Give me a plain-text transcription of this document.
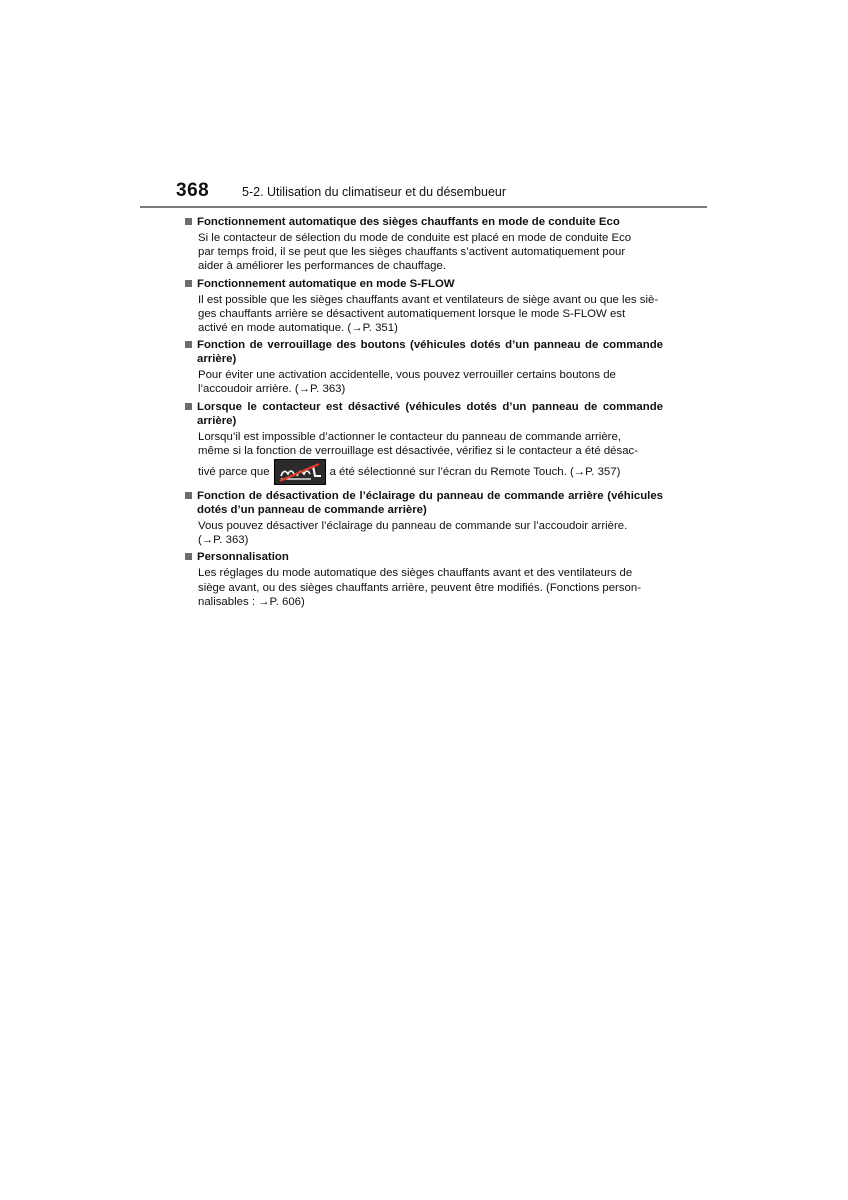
368	5-2. Utilisation du climatiseur et du désembueur
Fonctionnement automatique des sièges chauffants en mode de conduite Eco
Si le contacteur de sélection du mode de conduite est placé en mode de conduite Eco
par temps froid, il se peut que les sièges chauffants s’activent automatiquement pour
aider à améliorer les performances de chauffage.
Fonctionnement automatique en mode S-FLOW
Il est possible que les sièges chauffants avant et ventilateurs de siège avant ou que les siè-
ges chauffants arrière se désactivent automatiquement lorsque le mode S-FLOW est
activé en mode automatique. (→P. 351)
Fonction de verrouillage des boutons (véhicules dotés d’un panneau de commande arrière)
Pour éviter une activation accidentelle, vous pouvez verrouiller certains boutons de
l’accoudoir arrière. (→P. 363)
Lorsque le contacteur est désactivé (véhicules dotés d’un panneau de commande arrière)
Lorsqu’il est impossible d’actionner le contacteur du panneau de commande arrière,
même si la fonction de verrouillage est désactivée, vérifiez si le contacteur a été désac-
tivé parce que	a été sélectionné sur l’écran du Remote Touch. (→P. 357)
Fonction de désactivation de l’éclairage du panneau de commande arrière (véhicules dotés d’un panneau de commande arrière)
Vous pouvez désactiver l’éclairage du panneau de commande sur l’accoudoir arrière.
(→P. 363)
Personnalisation
Les réglages du mode automatique des sièges chauffants avant et des ventilateurs de
siège avant, ou des sièges chauffants arrière, peuvent être modifiés. (Fonctions person-
nalisables : →P. 606)
